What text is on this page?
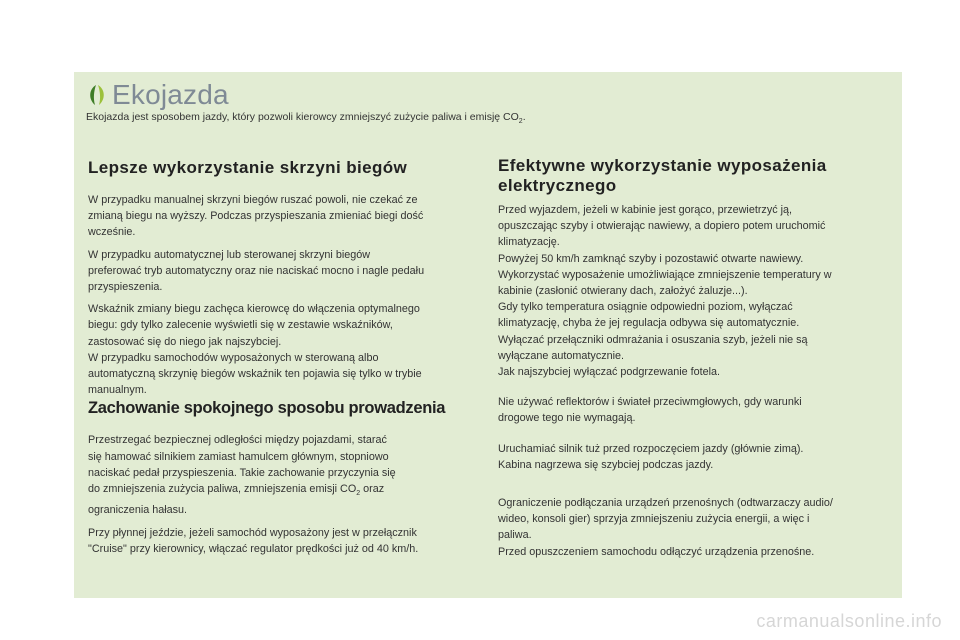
Ekojazda
Ekojazda jest sposobem jazdy, który pozwoli kierowcy zmniejszyć zużycie paliwa i emisję $CO_2$.
Lepsze wykorzystanie skrzyni biegów

W przypadku manualnej skrzyni biegów ruszać powoli, nie czekać ze
zmianą biegu na wyższy. Podczas przyspieszania zmieniać biegi dość
wcześnie.

W przypadku automatycznej lub sterowanej skrzyni biegów
preferować tryb automatyczny oraz nie naciskać mocno i nagle pedału
przyspieszenia.

Wskaźnik zmiany biegu zachęca kierowcę do włączenia optymalnego
biegu: gdy tylko zalecenie wyświetli się w zestawie wskaźników,
zastosować się do niego jak najszybciej.
W przypadku samochodów wyposażonych w sterowaną albo
automatyczną skrzynię biegów wskaźnik ten pojawia się tylko w trybie
manualnym.

Zachowanie spokojnego sposobu prowadzenia

Przestrzegać bezpiecznej odległości między pojazdami, starać
się hamować silnikiem zamiast hamulcem głównym, stopniowo
naciskać pedał przyspieszenia. Takie zachowanie przyczynia się
do zmniejszenia zużycia paliwa, zmniejszenia emisji $CO_2$ oraz
ograniczenia hałasu.

Przy płynnej jeździe, jeżeli samochód wyposażony jest w przełącznik
"Cruise" przy kierownicy, włączać regulator prędkości już od 40 km/h.

Efektywne wykorzystanie wyposażenia
elektrycznego

Przed wyjazdem, jeżeli w kabinie jest gorąco, przewietrzyć ją,
opuszczając szyby i otwierając nawiewy, a dopiero potem uruchomić
klimatyzację.
Powyżej 50 km/h zamknąć szyby i pozostawić otwarte nawiewy.
Wykorzystać wyposażenie umożliwiające zmniejszenie temperatury w
kabinie (zasłonić otwierany dach, założyć żaluzje...).
Gdy tylko temperatura osiągnie odpowiedni poziom, wyłączać
klimatyzację, chyba że jej regulacja odbywa się automatycznie.
Wyłączać przełączniki odmrażania i osuszania szyb, jeżeli nie są
wyłączane automatycznie.
Jak najszybciej wyłączać podgrzewanie fotela.

Nie używać reflektorów i świateł przeciwmgłowych, gdy warunki
drogowe tego nie wymagają.

Uruchamiać silnik tuż przed rozpoczęciem jazdy (głównie zimą).
Kabina nagrzewa się szybciej podczas jazdy.

Ograniczenie podłączania urządzeń przenośnych (odtwarzaczy audio/
wideo, konsoli gier) sprzyja zmniejszeniu zużycia energii, a więc i
paliwa.
Przed opuszczeniem samochodu odłączyć urządzenia przenośne.

carmanualsonline.info
